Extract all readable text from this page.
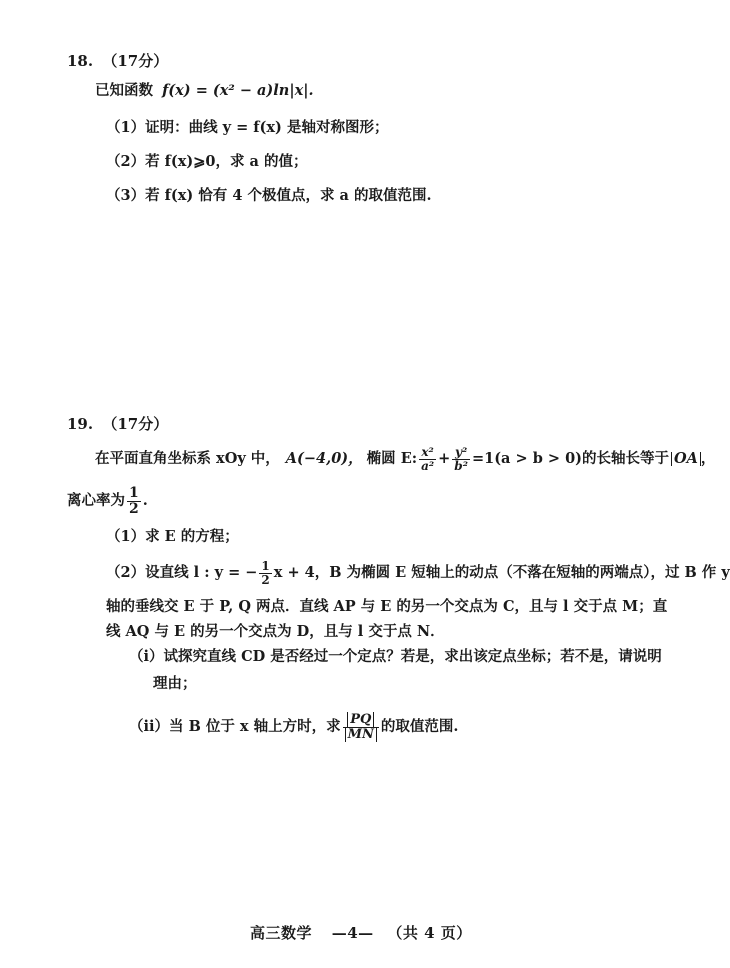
18. （17分）
已知函数 f(x) = (x² − a)ln|x|.
（1）证明：曲线 y = f(x) 是轴对称图形；
（2）若 f(x)⩾0，求 a 的值；
（3）若 f(x) 恰有 4 个极值点，求 a 的取值范围.
19. （17分）
在平面直角坐标系 xOy 中， A(−4,0)， 椭圆 E: $\frac{\text{x²}}{\text{a²}} + \frac{\text{y²}}{\text{b²}} =1(a > b > 0)$的长轴长等于 OA ，
离心率为 $\frac{1}{2}$ .
（1）求 E 的方程；
（2） 设直线 l : y = − $\frac{1}{2}$ x + 4，B 为椭圆 E 短轴上的动点（不落在短轴的两端点），过 B 作 y
轴的垂线交 E 于 P, Q 两点．直线 AP 与 E 的另一个交点为 C，且与 l 交于点 M；直
线 AQ 与 E 的另一个交点为 D，且与 l 交于点 N．
（ⅰ）试探究直线 CD 是否经过一个定点？若是，求出该定点坐标；若不是，请说明
理由；
（ⅱ） 当 B 位于 x 轴上方时，求 $\frac{PQ}{MN}$ 的取值范围.
高三数学 —4— （共 4 页）
